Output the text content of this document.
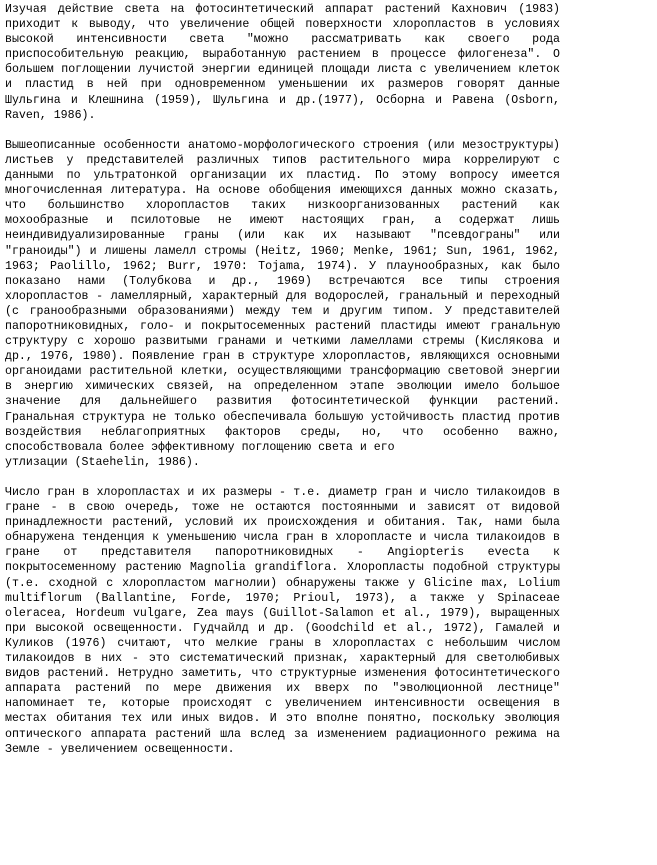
Изучая действие света на фотосинтетический аппарат растений Кахнович (1983) приходит к выводу, что увеличение общей поверхности хлоропластов в условиях высокой интенсивности света "можно рассматривать как своего рода приспособительную реакцию, выработанную растением в процессе филогенеза". О большем поглощении лучистой энергии единицей площади листа с увеличением клеток и пластид в ней при одновременном уменьшении их размеров говорят данные Шульгина и Клешнина (1959), Шульгина и др.(1977), Осборна и Равена (Osborn, Raven, 1986).

Вышеописанные особенности анатомо-морфологического строения (или мезоструктуры) листьев у представителей различных типов растительного мира коррелируют с данными по ультратонкой организации их пластид. По этому вопросу имеется многочисленная литература. На основе обобщения имеющихся данных можно сказать, что большинство хлоропластов таких низкоорганизованных растений как мохообразные и псилотовые не имеют настоящих гран, а содержат лишь неиндивидуализированные граны (или как их называют "псевдограны" или "граноиды") и лишены ламелл стромы (Heitz, 1960; Menke, 1961; Sun, 1961, 1962, 1963; Paolillo, 1962; Burr, 1970: Tojama, 1974). У плаунообразных, как было показано нами (Толубкова и др., 1969) встречаются все типы строения хлоропластов - ламеллярный, характерный для водорослей, гранальный и переходный (с гранообразными образованиями) между тем и другим типом. У представителей папоротниковидных, голо- и покрытосеменных растений пластиды имеют гранальную структуру с хорошо развитыми гранами и четкими ламеллами стремы (Кислякова и др., 1976, 1980). Появление гран в структуре хлоропластов, являющихся основными органоидами растительной клетки, осуществляющими трансформацию световой энергии в энергию химических связей, на определенном этапе эволюции имело большое значение для дальнейшего развития фотосинтетической функции растений. Гранальная структура не только обеспечивала большую устойчивость пластид против воздействия неблагоприятных факторов среды, но, что особенно важно, способствовала более эффективному поглощению света и его

утлизации (Staehelin, 1986).

Число гран в хлоропластах и их размеры - т.е. диаметр гран и число тилакоидов в гране - в свою очередь, тоже не остаются постоянными и зависят от видовой принадлежности растений, условий их происхождения и обитания. Так, нами была обнаружена тенденция к уменьшению числа гран в хлоропласте и числа тилакоидов в гране от представителя папоротниковидных - Angiopteris evecta к покрытосеменному растению Magnolia grandiflora. Хлоропласты подобной структуры (т.е. сходной с хлоропластом магнолии) обнаружены также у Glicine max, Lolium multiflorum (Ballantine, Forde, 1970; Prioul, 1973), а также у Spinaceae oleracea, Hordeum vulgare, Zea mays (Guillot-Salamon et al., 1979), выращенных при высокой освещенности. Гудчайлд и др. (Goodchild et al., 1972), Гамалей и Куликов (1976) считают, что мелкие граны в хлоропластах с небольшим числом тилакоидов в них - это систематический признак, характерный для светолюбивых видов растений. Нетрудно заметить, что структурные изменения фотосинтетического аппарата растений по мере движения их вверх по "эволюционной лестнице" напоминает те, которые происходят с увеличением интенсивности освещения в местах обитания тех или иных видов. И это вполне понятно, поскольку эволюция оптического аппарата растений шла вслед за изменением радиационного режима на Земле - увеличением освещенности.
